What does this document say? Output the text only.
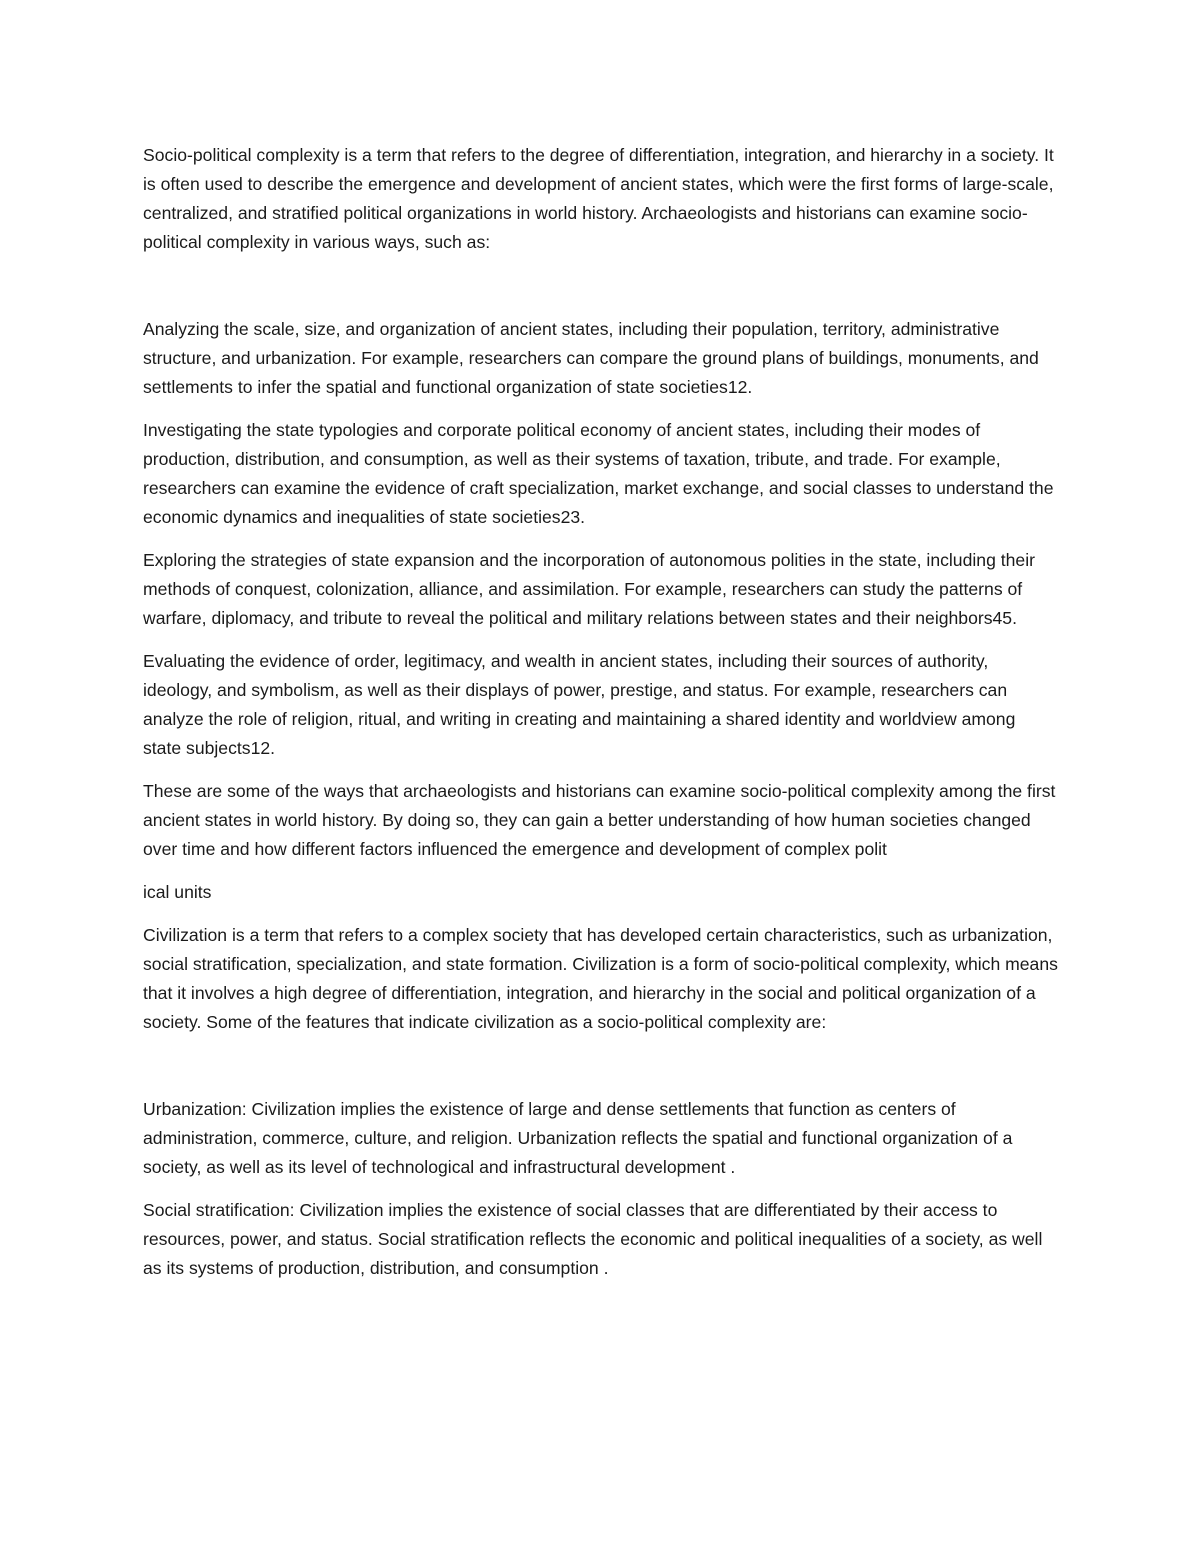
Socio-political complexity is a term that refers to the degree of differentiation, integration, and hierarchy in a society. It is often used to describe the emergence and development of ancient states, which were the first forms of large-scale, centralized, and stratified political organizations in world history. Archaeologists and historians can examine socio-political complexity in various ways, such as:

Analyzing the scale, size, and organization of ancient states, including their population, territory, administrative structure, and urbanization. For example, researchers can compare the ground plans of buildings, monuments, and settlements to infer the spatial and functional organization of state societies12.

Investigating the state typologies and corporate political economy of ancient states, including their modes of production, distribution, and consumption, as well as their systems of taxation, tribute, and trade. For example, researchers can examine the evidence of craft specialization, market exchange, and social classes to understand the economic dynamics and inequalities of state societies23.

Exploring the strategies of state expansion and the incorporation of autonomous polities in the state, including their methods of conquest, colonization, alliance, and assimilation. For example, researchers can study the patterns of warfare, diplomacy, and tribute to reveal the political and military relations between states and their neighbors45.

Evaluating the evidence of order, legitimacy, and wealth in ancient states, including their sources of authority, ideology, and symbolism, as well as their displays of power, prestige, and status. For example, researchers can analyze the role of religion, ritual, and writing in creating and maintaining a shared identity and worldview among state subjects12.

These are some of the ways that archaeologists and historians can examine socio-political complexity among the first ancient states in world history. By doing so, they can gain a better understanding of how human societies changed over time and how different factors influenced the emergence and development of complex polit

ical units

Civilization is a term that refers to a complex society that has developed certain characteristics, such as urbanization, social stratification, specialization, and state formation. Civilization is a form of socio-political complexity, which means that it involves a high degree of differentiation, integration, and hierarchy in the social and political organization of a society. Some of the features that indicate civilization as a socio-political complexity are:

Urbanization: Civilization implies the existence of large and dense settlements that function as centers of administration, commerce, culture, and religion. Urbanization reflects the spatial and functional organization of a society, as well as its level of technological and infrastructural development .

Social stratification: Civilization implies the existence of social classes that are differentiated by their access to resources, power, and status. Social stratification reflects the economic and political inequalities of a society, as well as its systems of production, distribution, and consumption .
